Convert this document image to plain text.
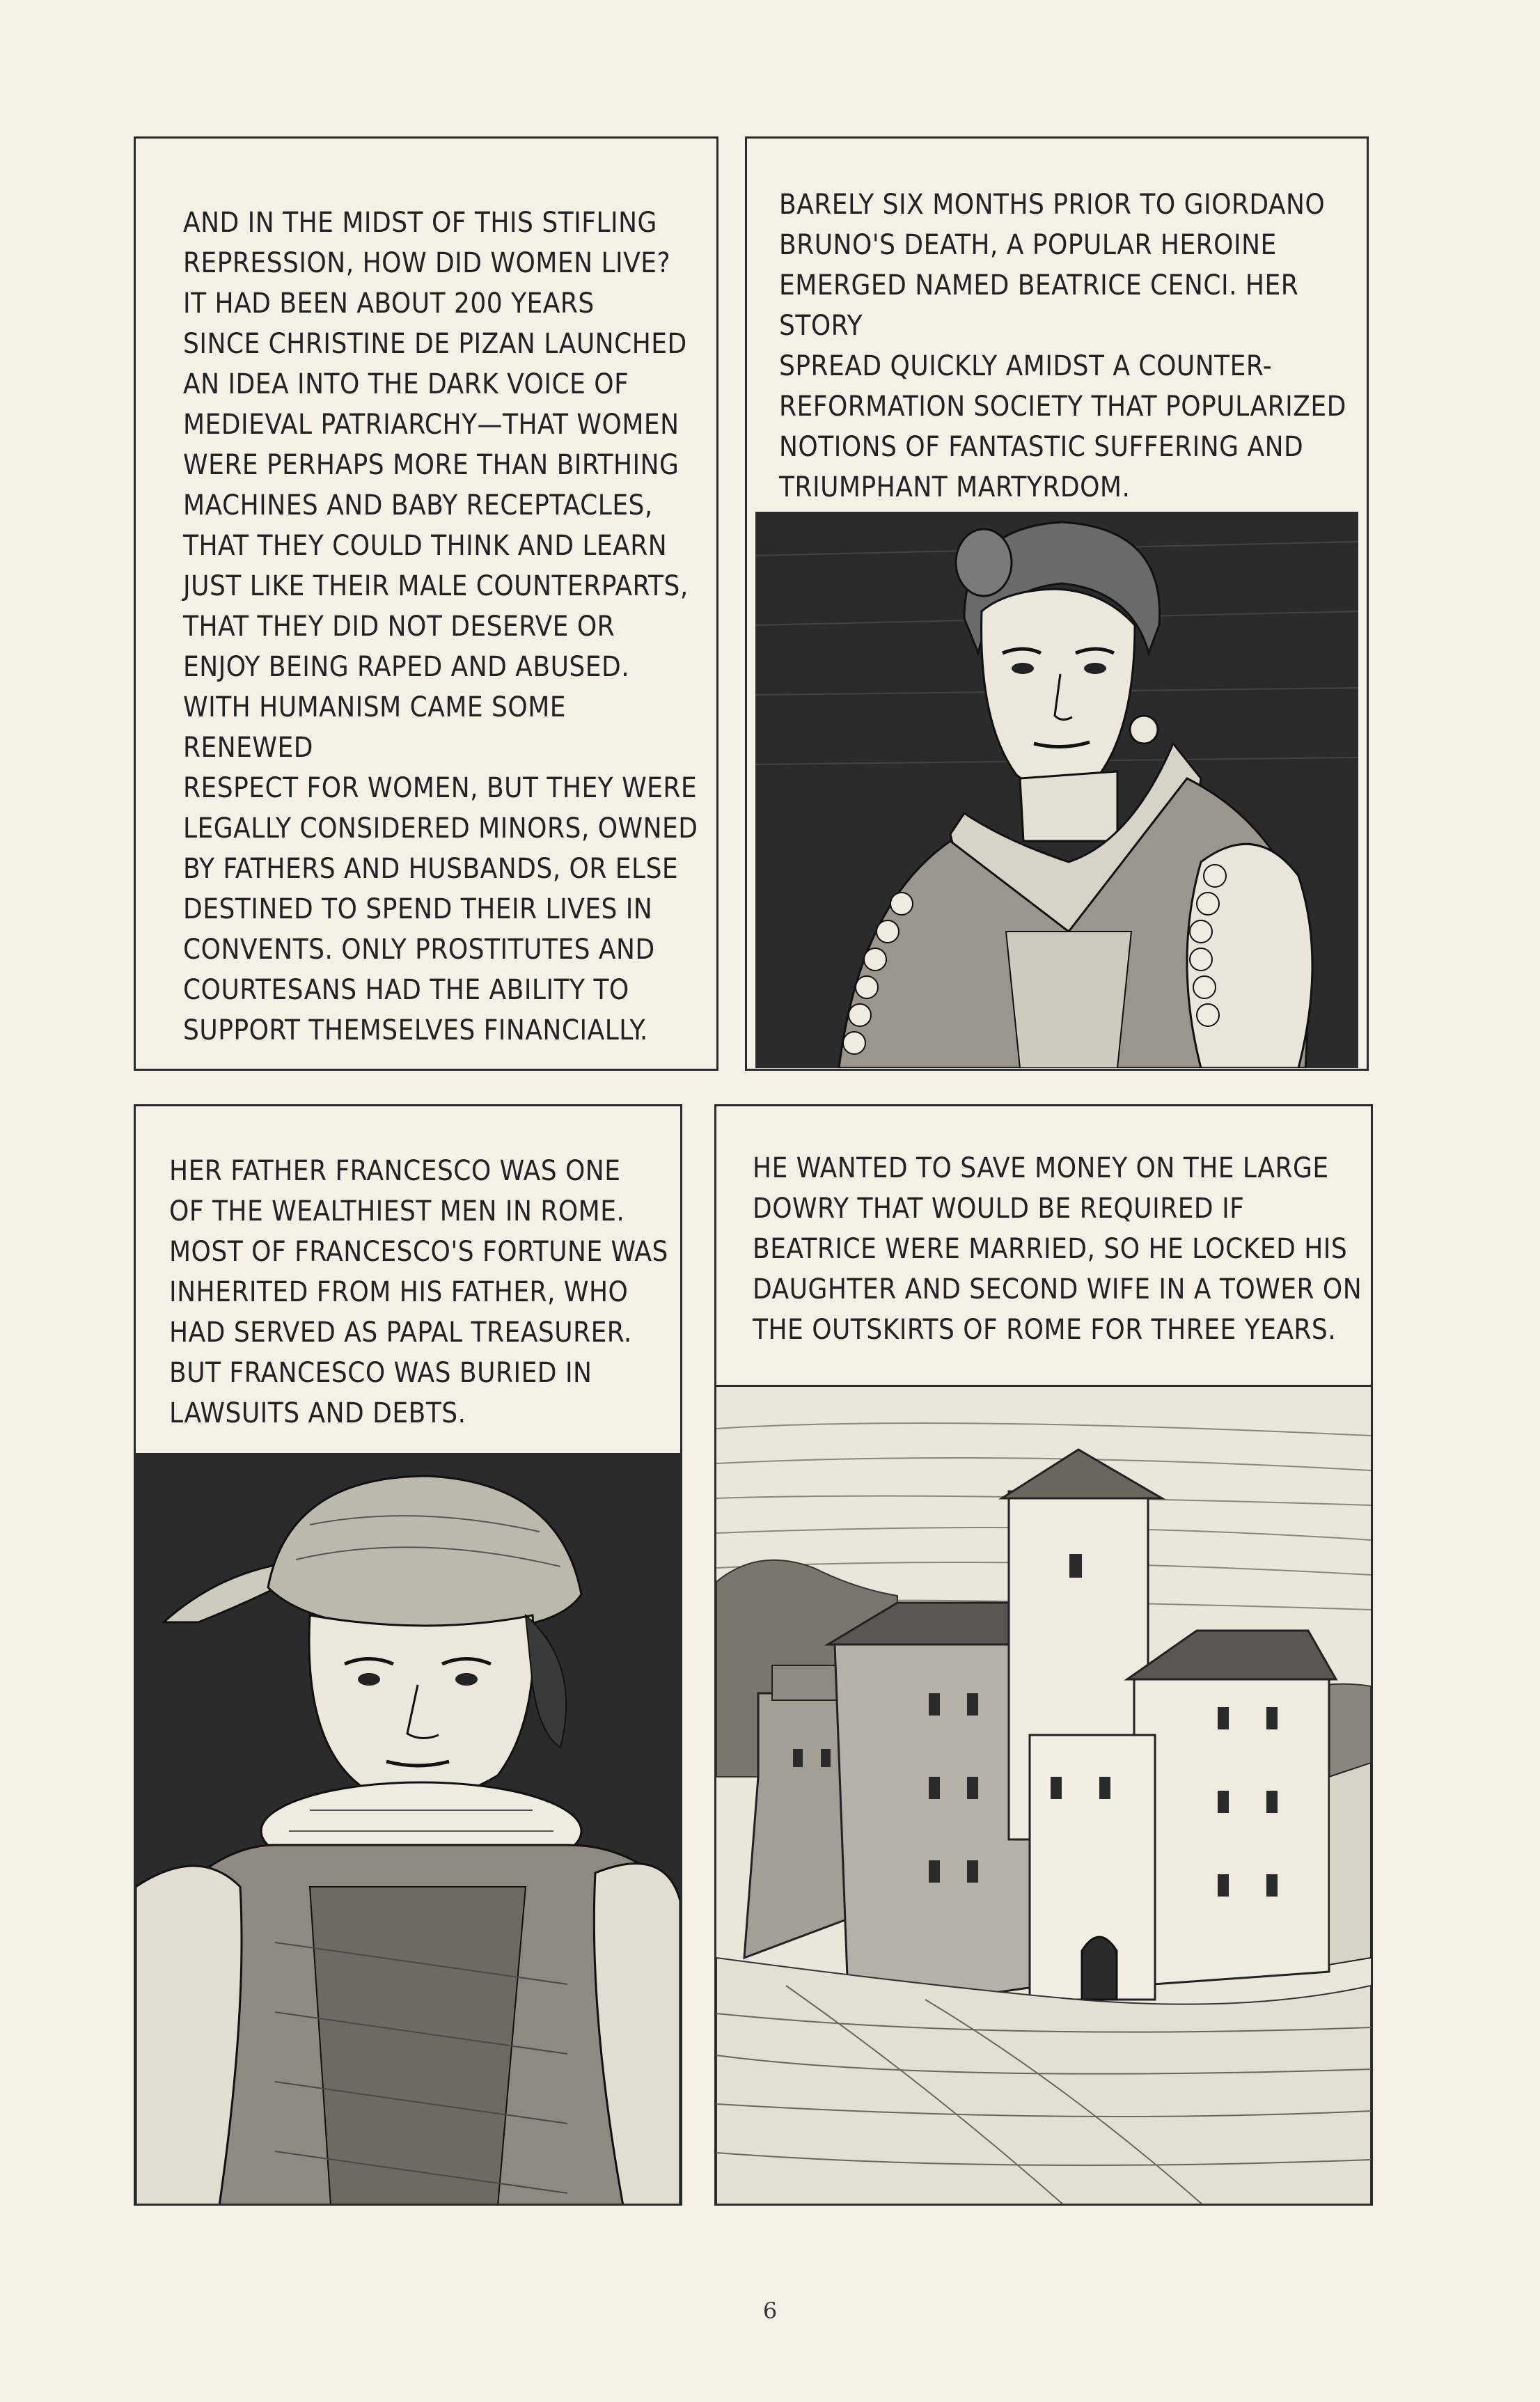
AND IN THE MIDST OF THIS STIFLING
REPRESSION, HOW DID WOMEN LIVE?
IT HAD BEEN ABOUT 200 YEARS
SINCE CHRISTINE DE PIZAN LAUNCHED
AN IDEA INTO THE DARK VOICE OF
MEDIEVAL PATRIARCHY—THAT WOMEN
WERE PERHAPS MORE THAN BIRTHING
MACHINES AND BABY RECEPTACLES,
THAT THEY COULD THINK AND LEARN
JUST LIKE THEIR MALE COUNTERPARTS,
THAT THEY DID NOT DESERVE OR
ENJOY BEING RAPED AND ABUSED.
WITH HUMANISM CAME SOME RENEWED
RESPECT FOR WOMEN, BUT THEY WERE
LEGALLY CONSIDERED MINORS, OWNED
BY FATHERS AND HUSBANDS, OR ELSE
DESTINED TO SPEND THEIR LIVES IN
CONVENTS. ONLY PROSTITUTES AND
COURTESANS HAD THE ABILITY TO
SUPPORT THEMSELVES FINANCIALLY.
BARELY SIX MONTHS PRIOR TO GIORDANO
BRUNO'S DEATH, A POPULAR HEROINE
EMERGED NAMED BEATRICE CENCI. HER STORY
SPREAD QUICKLY AMIDST A COUNTER-
REFORMATION SOCIETY THAT POPULARIZED
NOTIONS OF FANTASTIC SUFFERING AND
TRIUMPHANT MARTYRDOM.
HER FATHER FRANCESCO WAS ONE
OF THE WEALTHIEST MEN IN ROME.
MOST OF FRANCESCO'S FORTUNE WAS
INHERITED FROM HIS FATHER, WHO
HAD SERVED AS PAPAL TREASURER.
BUT FRANCESCO WAS BURIED IN
LAWSUITS AND DEBTS.
HE WANTED TO SAVE MONEY ON THE LARGE
DOWRY THAT WOULD BE REQUIRED IF
BEATRICE WERE MARRIED, SO HE LOCKED HIS
DAUGHTER AND SECOND WIFE IN A TOWER ON
THE OUTSKIRTS OF ROME FOR THREE YEARS.
6
